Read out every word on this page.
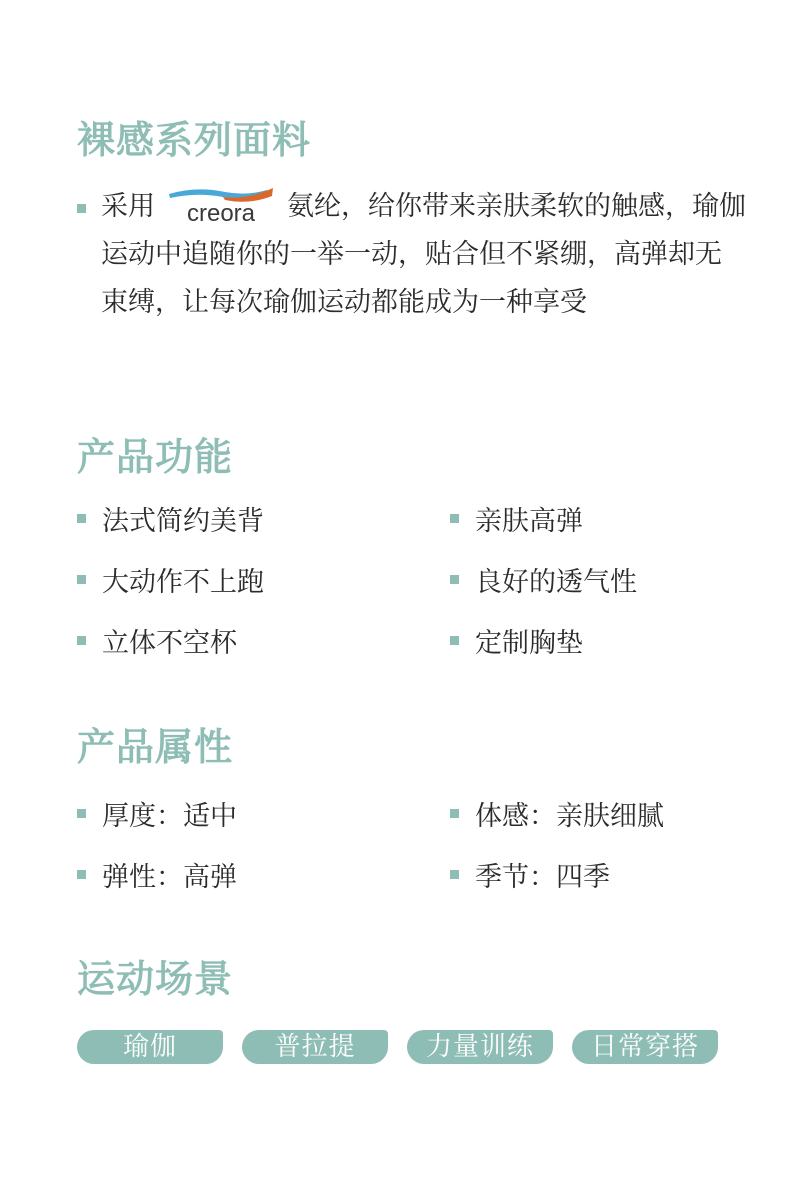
裸感系列面料
采用 creora 氨纶，给你带来亲肤柔软的触感，瑜伽运动中追随你的一举一动，贴合但不紧绷，高弹却无束缚，让每次瑜伽运动都能成为一种享受
产品功能
法式简约美背	亲肤高弹
大动作不上跑	良好的透气性
立体不空杯	定制胸垫
产品属性
厚度：适中	体感：亲肤细腻
弹性：高弹	季节：四季
运动场景
瑜伽	普拉提	力量训练	日常穿搭
